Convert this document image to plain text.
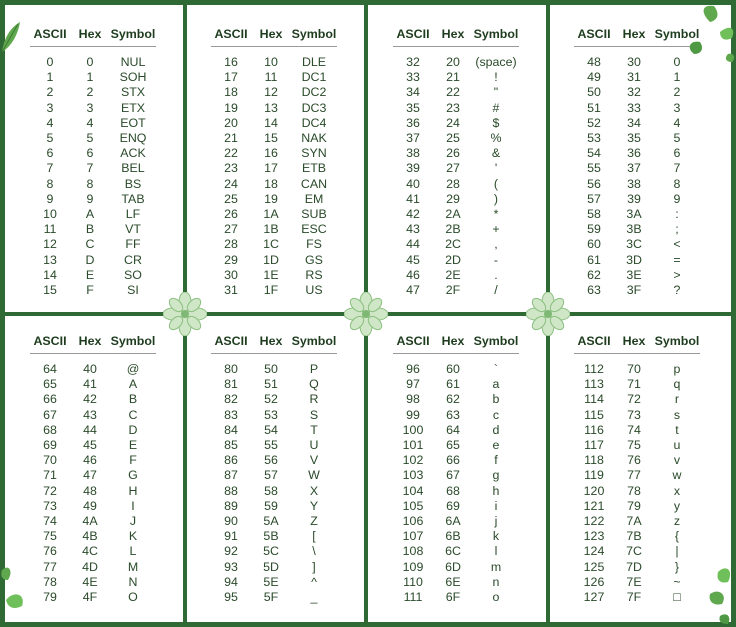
ASCII	Hex	Symbol

0	0	NUL
1	1	SOH
2	2	STX
3	3	ETX
4	4	EOT
5	5	ENQ
6	6	ACK
7	7	BEL
8	8	BS
9	9	TAB
10	A	LF
11	B	VT
12	C	FF
13	D	CR
14	E	SO
15	F	SI
ASCII	Hex	Symbol

16	10	DLE
17	11	DC1
18	12	DC2
19	13	DC3
20	14	DC4
21	15	NAK
22	16	SYN
23	17	ETB
24	18	CAN
25	19	EM
26	1A	SUB
27	1B	ESC
28	1C	FS
29	1D	GS
30	1E	RS
31	1F	US
ASCII	Hex	Symbol

32	20	(space)
33	21	!
34	22	"
35	23	#
36	24	$
37	25	%
38	26	&
39	27	'
40	28	(
41	29	)
42	2A	*
43	2B	+
44	2C	,
45	2D	-
46	2E	.
47	2F	/
ASCII	Hex	Symbol

48	30	0
49	31	1
50	32	2
51	33	3
52	34	4
53	35	5
54	36	6
55	37	7
56	38	8
57	39	9
58	3A	:
59	3B	;
60	3C	<
61	3D	=
62	3E	>
63	3F	?
ASCII	Hex	Symbol

64	40	@
65	41	A
66	42	B
67	43	C
68	44	D
69	45	E
70	46	F
71	47	G
72	48	H
73	49	I
74	4A	J
75	4B	K
76	4C	L
77	4D	M
78	4E	N
79	4F	O
ASCII	Hex	Symbol

80	50	P
81	51	Q
82	52	R
83	53	S
84	54	T
85	55	U
86	56	V
87	57	W
88	58	X
89	59	Y
90	5A	Z
91	5B	[
92	5C	\
93	5D	]
94	5E	^
95	5F	_
ASCII	Hex	Symbol

96	60	`
97	61	a
98	62	b
99	63	c
100	64	d
101	65	e
102	66	f
103	67	g
104	68	h
105	69	i
106	6A	j
107	6B	k
108	6C	l
109	6D	m
110	6E	n
111	6F	o
ASCII	Hex	Symbol

112	70	p
113	71	q
114	72	r
115	73	s
116	74	t
117	75	u
118	76	v
119	77	w
120	78	x
121	79	y
122	7A	z
123	7B	{
124	7C	|
125	7D	}
126	7E	~
127	7F	□
